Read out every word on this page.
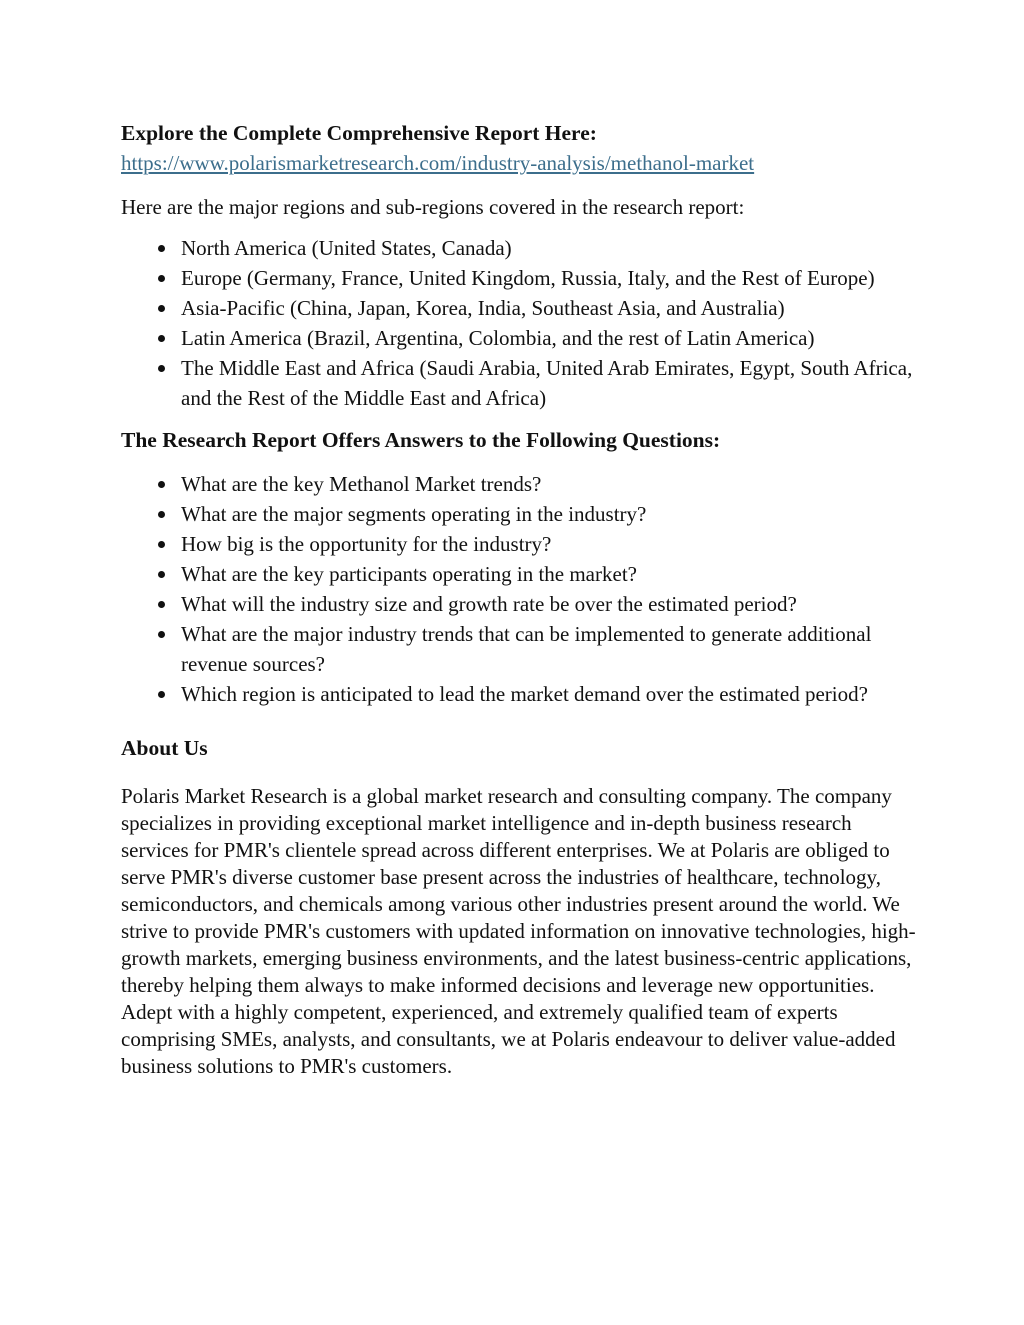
Explore the Complete Comprehensive Report Here:

https://www.polarismarketresearch.com/industry-analysis/methanol-market

Here are the major regions and sub-regions covered in the research report:

North America (United States, Canada)
Europe (Germany, France, United Kingdom, Russia, Italy, and the Rest of Europe)
Asia-Pacific (China, Japan, Korea, India, Southeast Asia, and Australia)
Latin America (Brazil, Argentina, Colombia, and the rest of Latin America)
The Middle East and Africa (Saudi Arabia, United Arab Emirates, Egypt, South Africa, and the Rest of the Middle East and Africa)

The Research Report Offers Answers to the Following Questions:

What are the key Methanol Market trends?
What are the major segments operating in the industry?
How big is the opportunity for the industry?
What are the key participants operating in the market?
What will the industry size and growth rate be over the estimated period?
What are the major industry trends that can be implemented to generate additional revenue sources?
Which region is anticipated to lead the market demand over the estimated period?

About Us

Polaris Market Research is a global market research and consulting company. The company specializes in providing exceptional market intelligence and in-depth business research services for PMR's clientele spread across different enterprises. We at Polaris are obliged to serve PMR's diverse customer base present across the industries of healthcare, technology, semiconductors, and chemicals among various other industries present around the world. We strive to provide PMR's customers with updated information on innovative technologies, high-growth markets, emerging business environments, and the latest business-centric applications, thereby helping them always to make informed decisions and leverage new opportunities. Adept with a highly competent, experienced, and extremely qualified team of experts comprising SMEs, analysts, and consultants, we at Polaris endeavour to deliver value-added business solutions to PMR's customers.
